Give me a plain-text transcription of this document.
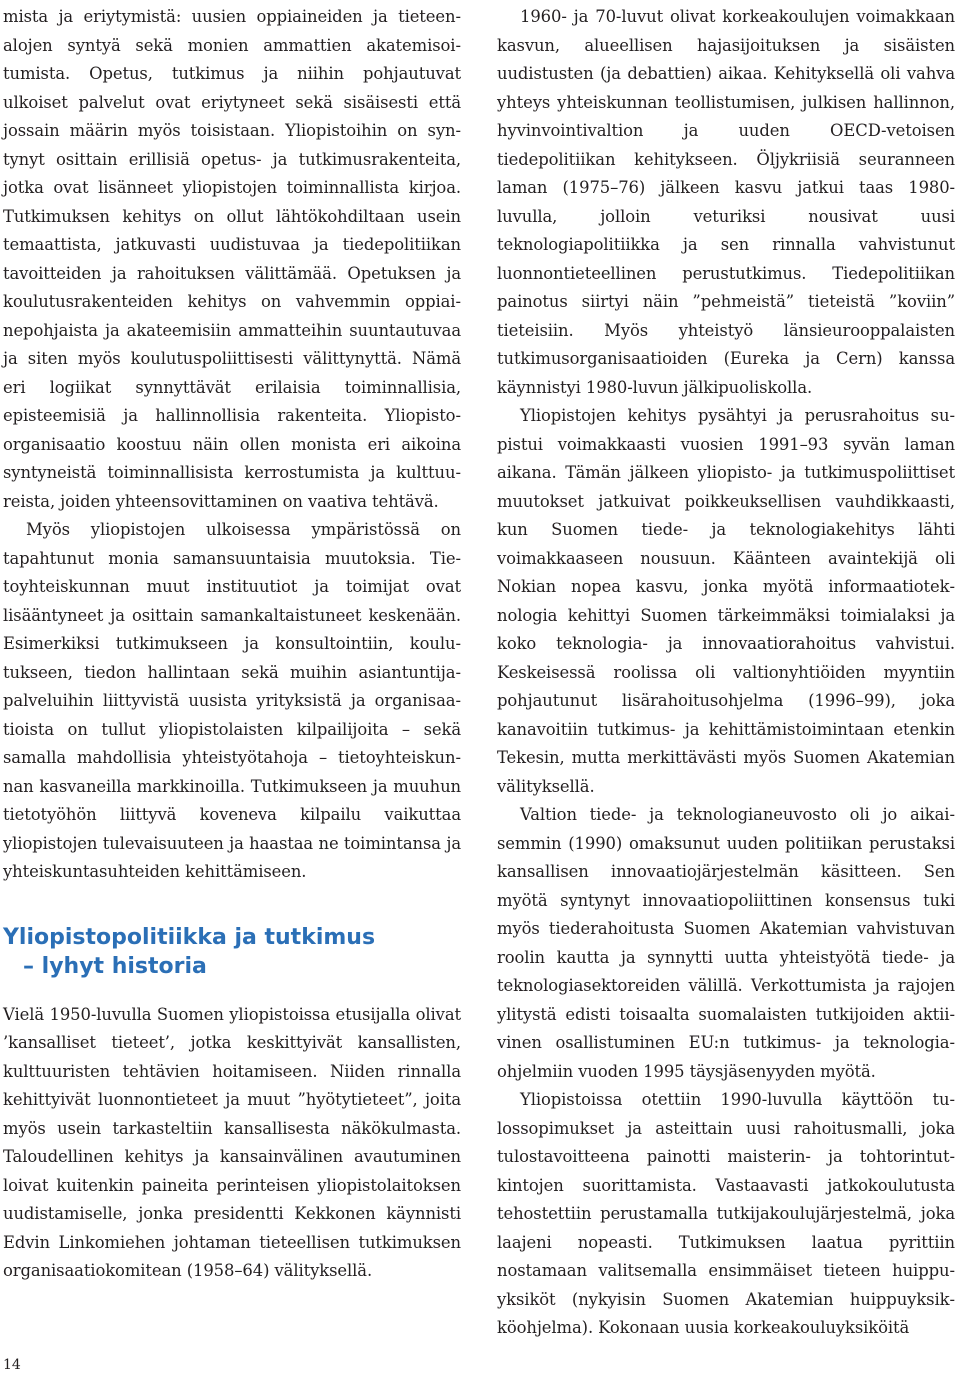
mista ja eriytymistä: uusien oppiaineiden ja tieteenalojen syntyä sekä monien ammattien akatemisoitumista. Opetus, tutkimus ja niihin pohjautuvat ulkoiset palvelut ovat eriytyneet sekä sisäisesti että jossain määrin myös toisistaan. Yliopistoihin on syntynyt osittain erillisiä opetus- ja tutkimusrakenteita, jotka ovat lisänneet yliopistojen toiminnallista kirjoa. Tutkimuksen kehitys on ollut lähtökohdiltaan usein temaattista, jatkuvasti uudistuvaa ja tiedepolitiikan tavoitteiden ja rahoituksen välittämää. Opetuksen ja koulutusrakenteiden kehitys on vahvemmin oppiainepohjaista ja akateemisiin ammatteihin suuntautuvaa ja siten myös koulutuspoliittisesti välittynyttä. Nämä eri logiikat synnyttävät erilaisia toiminnallisia, episteemisiä ja hallinnollisia rakenteita. Yliopistoorganisaatio koostuu näin ollen monista eri aikoina syntyneistä toiminnallisista kerrostumista ja kulttuureista, joiden yhteensovittaminen on vaativa tehtävä.

Myös yliopistojen ulkoisessa ympäristössä on tapahtunut monia samansuuntaisia muutoksia. Tietoyhteiskunnan muut instituutiot ja toimijat ovat lisääntyneet ja osittain samankaltaistuneet keskenään. Esimerkiksi tutkimukseen ja konsultointiin, koulutukseen, tiedon hallintaan sekä muihin asiantuntijapalveluihin liittyvistä uusista yrityksistä ja organisaatioista on tullut yliopistolaisten kilpailijoita – sekä samalla mahdollisia yhteistyötahoja – tietoyhteiskunnan kasvaneilla markkinoilla. Tutkimukseen ja muuhun tietotyöhön liittyvä koveneva kilpailu vaikuttaa yliopistojen tulevaisuuteen ja haastaa ne toimintansa ja yhteiskuntasuhteiden kehittämiseen.

Yliopistopolitiikka ja tutkimus
– lyhyt historia

Vielä 1950-luvulla Suomen yliopistoissa etusijalla olivat ’kansalliset tieteet’, jotka keskittyivät kansallisten, kulttuuristen tehtävien hoitamiseen. Niiden rinnalla kehittyivät luonnontieteet ja muut ”hyötytieteet”, joita myös usein tarkasteltiin kansallisesta näkökulmasta. Taloudellinen kehitys ja kansainvälinen avautuminen loivat kuitenkin paineita perinteisen yliopistolaitoksen uudistamiselle, jonka presidentti Kekkonen käynnisti Edvin Linkomiehen johtaman tieteellisen tutkimuksen organisaatiokomitean (1958–64) välityksellä.

1960- ja 70-luvut olivat korkeakoulujen voimakkaan kasvun, alueellisen hajasijoituksen ja sisäisten uudistusten (ja debattien) aikaa. Kehityksellä oli vahva yhteys yhteiskunnan teollistumisen, julkisen hallinnon, hyvinvointivaltion ja uuden OECD-vetoisen tiedepolitiikan kehitykseen. Öljykriisiä seuranneen laman (1975–76) jälkeen kasvu jatkui taas 1980-luvulla, jolloin veturiksi nousivat uusi teknologiapolitiikka ja sen rinnalla vahvistunut luonnontieteellinen perustutkimus. Tiedepolitiikan painotus siirtyi näin ”pehmeistä” tieteistä ”koviin” tieteisiin. Myös yhteistyö länsieurooppalaisten tutkimusorganisaatioiden (Eureka ja Cern) kanssa käynnistyi 1980-luvun jälkipuoliskolla.

Yliopistojen kehitys pysähtyi ja perusrahoitus supistui voimakkaasti vuosien 1991–93 syvän laman aikana. Tämän jälkeen yliopisto- ja tutkimuspoliittiset muutokset jatkuivat poikkeuksellisen vauhdikkaasti, kun Suomen tiede- ja teknologiakehitys lähti voimakkaaseen nousuun. Käänteen avaintekijä oli Nokian nopea kasvu, jonka myötä informaatioteknologia kehittyi Suomen tärkeimmäksi toimialaksi ja koko teknologia- ja innovaatiorahoitus vahvistui. Keskeisessä roolissa oli valtionyhtiöiden myyntiin pohjautunut lisärahoitusohjelma (1996–99), joka kanavoitiin tutkimus- ja kehittämistoimintaan etenkin Tekesin, mutta merkittävästi myös Suomen Akatemian välityksellä.

Valtion tiede- ja teknologianeuvosto oli jo aikaisemmin (1990) omaksunut uuden politiikan perustaksi kansallisen innovaatiojärjestelmän käsitteen. Sen myötä syntynyt innovaatiopoliittinen konsensus tuki myös tiederahoitusta Suomen Akatemian vahvistuvan roolin kautta ja synnytti uutta yhteistyötä tiede- ja teknologiasektoreiden välillä. Verkottumista ja rajojen ylitystä edisti toisaalta suomalaisten tutkijoiden aktiivinen osallistuminen EU:n tutkimus- ja teknologiaohjelmiin vuoden 1995 täysjäsenyyden myötä.

Yliopistoissa otettiin 1990-luvulla käyttöön tulossopimukset ja asteittain uusi rahoitusmalli, joka tulostavoitteena painotti maisterin- ja tohtorintutkintojen suorittamista. Vastaavasti jatkokoulutusta tehostettiin perustamalla tutkijakoulujärjestelmä, joka laajeni nopeasti. Tutkimuksen laatua pyrittiin nostamaan valitsemalla ensimmäiset tieteen huippuyksiköt (nykyisin Suomen Akatemian huippuyksikköohjelma). Kokonaan uusia korkeakouluyksiköitä

14
